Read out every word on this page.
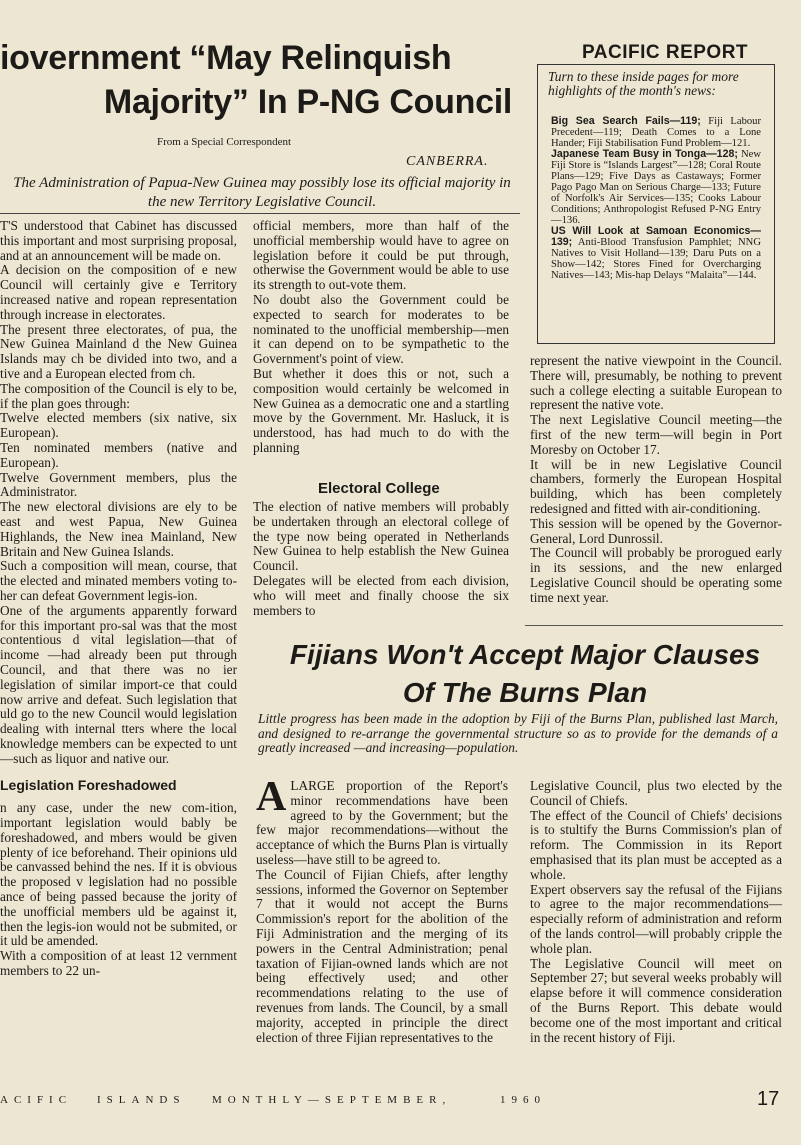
iovernment “May Relinquish
Majority” In P-NG Council
From a Special Correspondent
CANBERRA.
The Administration of Papua-New Guinea may possibly lose its official majority in the new Territory Legislative Council.

T'S understood that Cabinet has discussed this important and most surprising proposal, and at an announcement will be made on.

A decision on the composition of e new Council will certainly give e Territory increased native and ropean representation through increase in electorates.

The present three electorates, of pua, the New Guinea Mainland d the New Guinea Islands may ch be divided into two, and a tive and a European elected from ch.

The composition of the Council is ely to be, if the plan goes through:

Twelve elected members (six native, six European).

Ten nominated members (native and European).

Twelve Government members, plus the Administrator.

The new electoral divisions are ely to be east and west Papua, New Guinea Highlands, the New inea Mainland, New Britain and New Guinea Islands.

Such a composition will mean, course, that the elected and minated members voting to-her can defeat Government legis-ion.

One of the arguments apparently forward for this important pro-sal was that the most contentious d vital legislation—that of income —had already been put through Council, and that there was no ier legislation of similar import-ce that could now arrive and defeat. Such legislation that uld go to the new Council would legislation dealing with internal tters where the local knowledge members can be expected to unt—such as liquor and native our.

Legislation Foreshadowed

n any case, under the new com-ition, important legislation would bably be foreshadowed, and mbers would be given plenty of ice beforehand. Their opinions uld be canvassed behind the nes. If it is obvious the proposed v legislation had no possible ance of being passed because the jority of the unofficial members uld be against it, then the legis-ion would not be submited, or it uld be amended.

With a composition of at least 12 vernment members to 22 un-

official members, more than half of the unofficial membership would have to agree on legislation before it could be put through, otherwise the Government would be able to use its strength to out-vote them.

No doubt also the Government could be expected to search for moderates to be nominated to the unofficial membership—men it can depend on to be sympathetic to the Government's point of view.

But whether it does this or not, such a composition would certainly be welcomed in New Guinea as a democratic one and a startling move by the Government. Mr. Hasluck, it is understood, has had much to do with the planning

Electoral College

The election of native members will probably be undertaken through an electoral college of the type now being operated in Netherlands New Guinea to help establish the New Guinea Council.

Delegates will be elected from each division, who will meet and finally choose the six members to

PACIFIC REPORT
Turn to these inside pages for more highlights of the month's news:
Big Sea Search Fails—119; Fiji Labour Precedent—119; Death Comes to a Lone Hander; Fiji Stabilisation Fund Problem—121.
Japanese Team Busy in Tonga—128; New Fiji Store is “Islands Largest”—128; Coral Route Plans—129; Five Days as Castaways; Former Pago Pago Man on Serious Charge—133; Future of Norfolk's Air Services—135; Cooks Labour Conditions; Anthropologist Refused P-NG Entry—136.
US Will Look at Samoan Economics—139; Anti-Blood Transfusion Pamphlet; NNG Natives to Visit Holland—139; Daru Puts on a Show—142; Stores Fined for Overcharging Natives—143; Mis-hap Delays “Malaita”—144.

represent the native viewpoint in the Council. There will, presumably, be nothing to prevent such a college electing a suitable European to represent the native vote.

The next Legislative Council meeting—the first of the new term—will begin in Port Moresby on October 17.

It will be in new Legislative Council chambers, formerly the European Hospital building, which has been completely redesigned and fitted with air-conditioning.

This session will be opened by the Governor-General, Lord Dunrossil.

The Council will probably be prorogued early in its sessions, and the new enlarged Legislative Council should be operating some time next year.

Fijians Won't Accept Major Clauses
Of The Burns Plan
Little progress has been made in the adoption by Fiji of the Burns Plan, published last March, and designed to re-arrange the governmental structure so as to provide for the demands of a greatly increased —and increasing—population.

ALARGE proportion of the Report's minor recommendations have been agreed to by the Government; but the few major recommendations—without the acceptance of which the Burns Plan is virtually useless—have still to be agreed to.

The Council of Fijian Chiefs, after lengthy sessions, informed the Governor on September 7 that it would not accept the Burns Commission's report for the abolition of the Fiji Administration and the merging of its powers in the Central Administration; penal taxation of Fijian-owned lands which are not being effectively used; and other recommendations relating to the use of revenues from lands. The Council, by a small majority, accepted in principle the direct election of three Fijian representatives to the

Legislative Council, plus two elected by the Council of Chiefs.

The effect of the Council of Chiefs' decisions is to stultify the Burns Commission's plan of reform. The Commission in its Report emphasised that its plan must be accepted as a whole.

Expert observers say the refusal of the Fijians to agree to the major recommendations—especially reform of administration and reform of the lands control—will probably cripple the whole plan.

The Legislative Council will meet on September 27; but several weeks probably will elapse before it will commence consideration of the Burns Report. This debate would become one of the most important and critical in the recent history of Fiji.

ACIFIC ISLANDS MONTHLY—SEPTEMBER,	1960	17
